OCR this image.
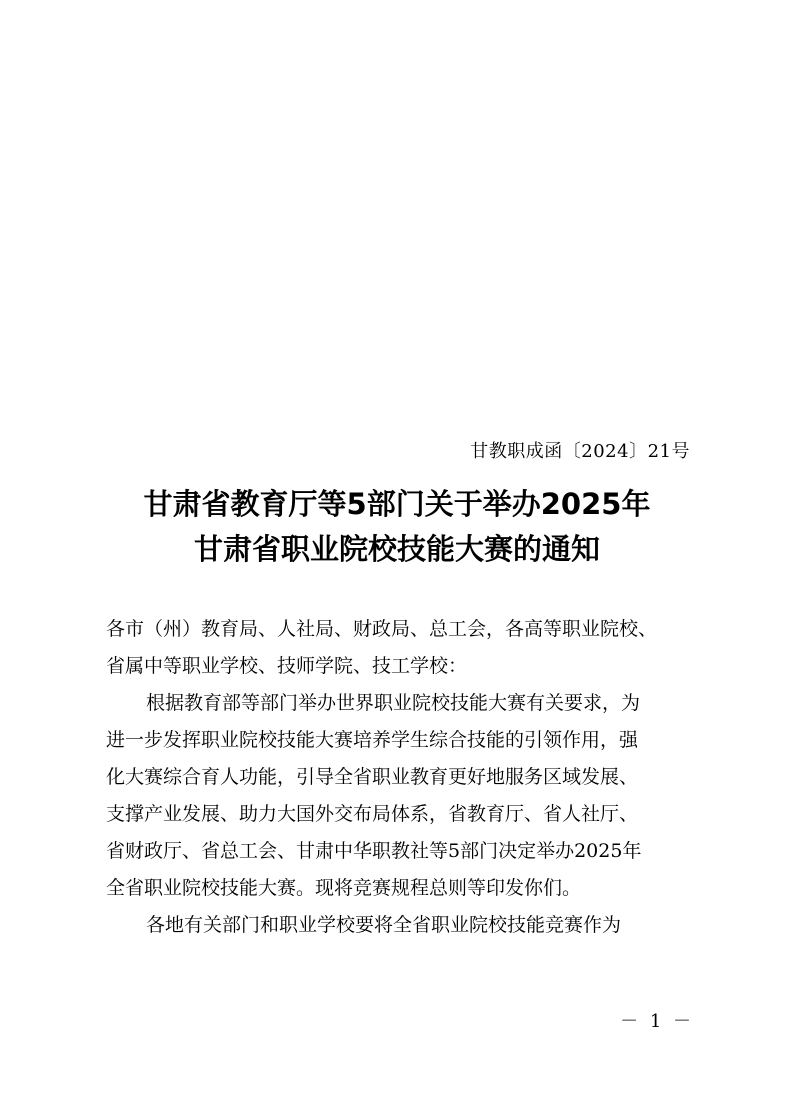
甘教职成函〔2024〕21号
甘肃省教育厅等5部门关于举办2025年
甘肃省职业院校技能大赛的通知
各市（州）教育局、人社局、财政局、总工会，各高等职业院校、
省属中等职业学校、技师学院、技工学校：
根据教育部等部门举办世界职业院校技能大赛有关要求，为
进一步发挥职业院校技能大赛培养学生综合技能的引领作用，强
化大赛综合育人功能，引导全省职业教育更好地服务区域发展、
支撑产业发展、助力大国外交布局体系，省教育厅、省人社厅、
省财政厅、省总工会、甘肃中华职教社等5部门决定举办2025年
全省职业院校技能大赛。现将竞赛规程总则等印发你们。
各地有关部门和职业学校要将全省职业院校技能竞赛作为
－ 1 －
